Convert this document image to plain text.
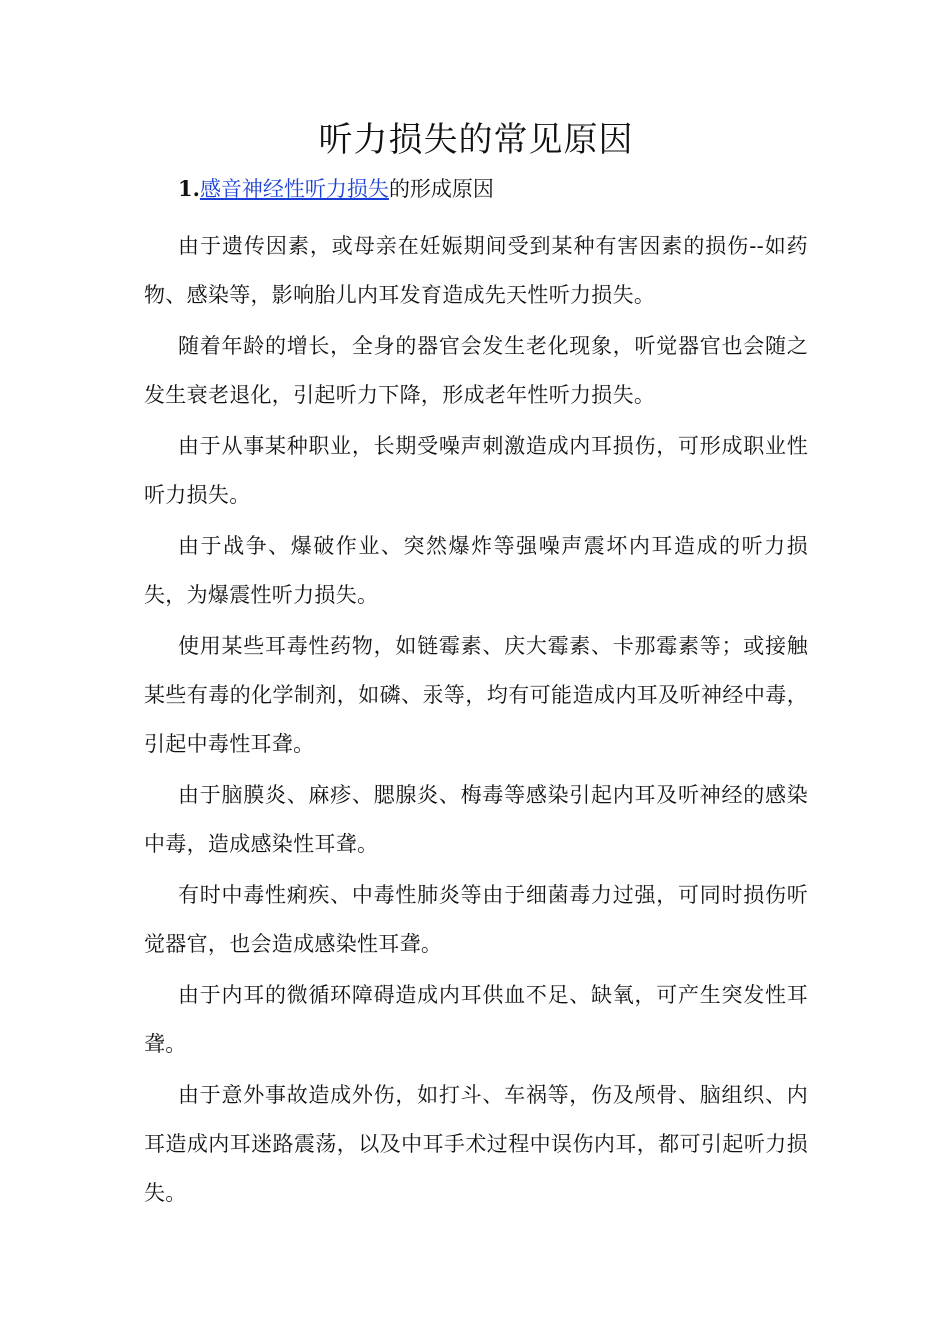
听力损失的常见原因

1.感音神经性听力损失的形成原因

由于遗传因素，或母亲在妊娠期间受到某种有害因素的损伤--如药物、感染等，影响胎儿内耳发育造成先天性听力损失。

随着年龄的增长，全身的器官会发生老化现象，听觉器官也会随之发生衰老退化，引起听力下降，形成老年性听力损失。

由于从事某种职业，长期受噪声刺激造成内耳损伤，可形成职业性听力损失。

由于战争、爆破作业、突然爆炸等强噪声震坏内耳造成的听力损失，为爆震性听力损失。

使用某些耳毒性药物，如链霉素、庆大霉素、卡那霉素等；或接触某些有毒的化学制剂，如磷、汞等，均有可能造成内耳及听神经中毒，引起中毒性耳聋。

由于脑膜炎、麻疹、腮腺炎、梅毒等感染引起内耳及听神经的感染中毒，造成感染性耳聋。

有时中毒性痢疾、中毒性肺炎等由于细菌毒力过强，可同时损伤听觉器官，也会造成感染性耳聋。

由于内耳的微循环障碍造成内耳供血不足、缺氧，可产生突发性耳聋。

由于意外事故造成外伤，如打斗、车祸等，伤及颅骨、脑组织、内耳造成内耳迷路震荡，以及中耳手术过程中误伤内耳，都可引起听力损失。
